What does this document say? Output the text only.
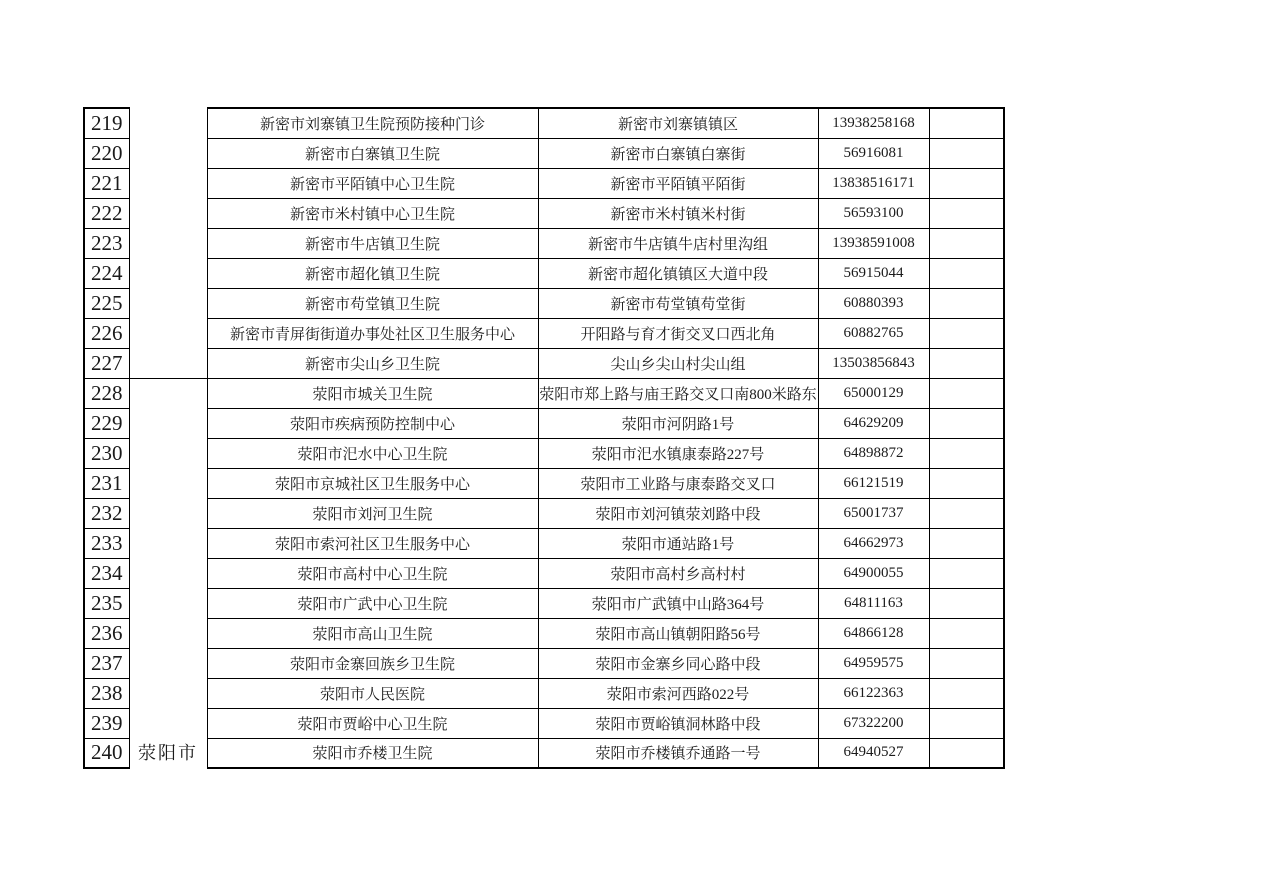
219		新密市刘寨镇卫生院预防接种门诊	新密市刘寨镇镇区	13938258168	
220		新密市白寨镇卫生院	新密市白寨镇白寨街	56916081	
221		新密市平陌镇中心卫生院	新密市平陌镇平陌街	13838516171	
222		新密市米村镇中心卫生院	新密市米村镇米村街	56593100	
223		新密市牛店镇卫生院	新密市牛店镇牛店村里沟组	13938591008	
224		新密市超化镇卫生院	新密市超化镇镇区大道中段	56915044	
225		新密市苟堂镇卫生院	新密市苟堂镇苟堂街	60880393	
226		新密市青屏街街道办事处社区卫生服务中心	开阳路与育才街交叉口西北角	60882765	
227		新密市尖山乡卫生院	尖山乡尖山村尖山组	13503856843	
228	荥阳市	荥阳市城关卫生院	荥阳市郑上路与庙王路交叉口南800米路东	65000129	
229		荥阳市疾病预防控制中心	荥阳市河阴路1号	64629209	
230		荥阳市汜水中心卫生院	荥阳市汜水镇康泰路227号	64898872	
231		荥阳市京城社区卫生服务中心	荥阳市工业路与康泰路交叉口	66121519	
232		荥阳市刘河卫生院	荥阳市刘河镇荥刘路中段	65001737	
233		荥阳市索河社区卫生服务中心	荥阳市通站路1号	64662973	
234		荥阳市高村中心卫生院	荥阳市高村乡高村村	64900055	
235		荥阳市广武中心卫生院	荥阳市广武镇中山路364号	64811163	
236		荥阳市高山卫生院	荥阳市高山镇朝阳路56号	64866128	
237		荥阳市金寨回族乡卫生院	荥阳市金寨乡同心路中段	64959575	
238		荥阳市人民医院	荥阳市索河西路022号	66122363	
239		荥阳市贾峪中心卫生院	荥阳市贾峪镇洞林路中段	67322200	
240		荥阳市乔楼卫生院	荥阳市乔楼镇乔通路一号	64940527	
